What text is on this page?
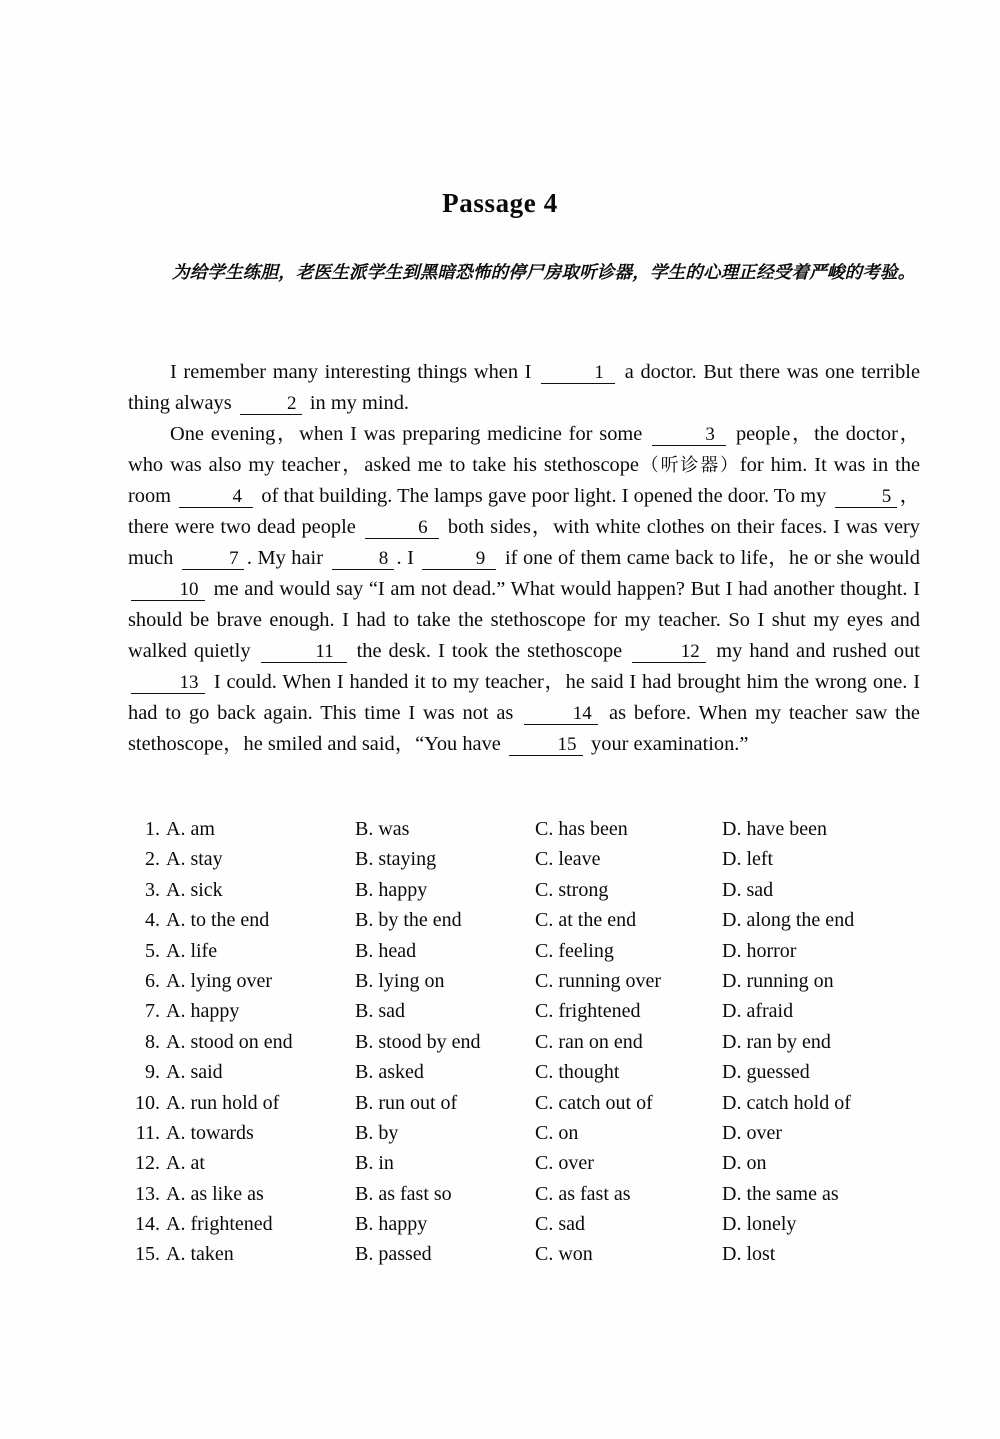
Passage 4
为给学生练胆，老医生派学生到黑暗恐怖的停尸房取听诊器，学生的心理正经受着严峻的考验。

I remember many interesting things when I	1 a doctor. But there was one terrible thing always	2 in my mind.

One evening，when I was preparing medicine for some	3 people，the doctor，who was also my teacher，asked me to take his stethoscope（听诊器）for him. It was in the room	4 of that building. The lamps gave poor light. I opened the door. To my	5 ，there were two dead people	6 both sides，with white clothes on their faces. I was very much	7 . My hair	8 . I	9 if one of them came back to life，he or she would 10 me and would say “I am not dead.” What would happen? But I had another thought. I should be brave enough. I had to take the stethoscope for my teacher. So I shut my eyes and walked quietly	11 the desk. I took the stethoscope	12 my hand and rushed out 13 I could. When I handed it to my teacher，he said I had brought him the wrong one. I had to go back again. This time I was not as	14 as before. When my teacher saw the stethoscope，he smiled and said，“You have	15 your examination.”

1. A. am	B. was	C. has been	D. have been
2. A. stay	B. staying	C. leave	D. left
3. A. sick	B. happy	C. strong	D. sad
4. A. to the end	B. by the end	C. at the end	D. along the end
5. A. life	B. head	C. feeling	D. horror
6. A. lying over	B. lying on	C. running over	D. running on
7. A. happy	B. sad	C. frightened	D. afraid
8. A. stood on end	B. stood by end	C. ran on end	D. ran by end
9. A. said	B. asked	C. thought	D. guessed
10. A. run hold of	B. run out of	C. catch out of	D. catch hold of
11. A. towards	B. by	C. on	D. over
12. A. at	B. in	C. over	D. on
13. A. as like as	B. as fast so	C. as fast as	D. the same as
14. A. frightened	B. happy	C. sad	D. lonely
15. A. taken	B. passed	C. won	D. lost
